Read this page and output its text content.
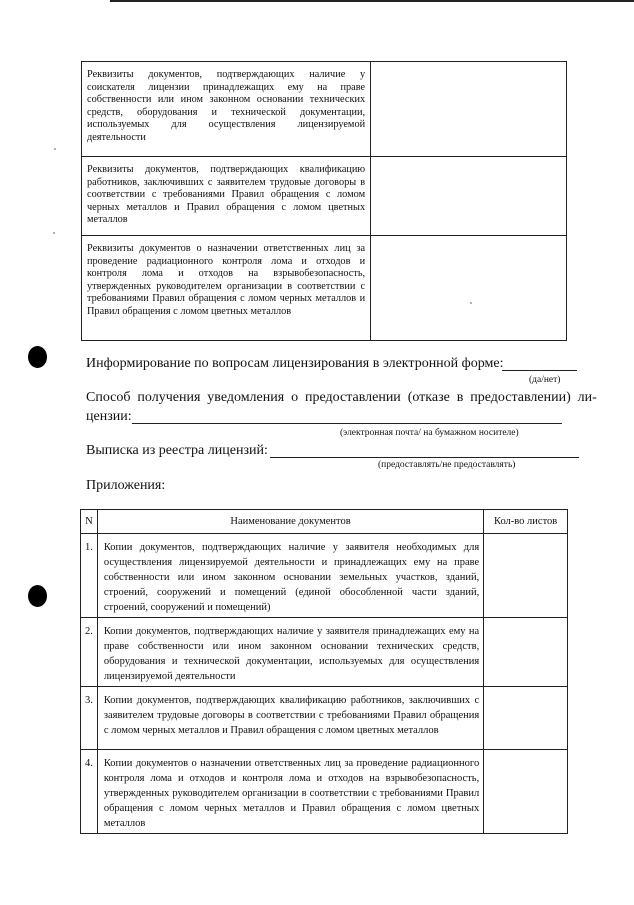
Реквизиты документов, подтверждающих наличие у соискателя лицензии принадлежащих ему на праве собственности или ином законном основании технических средств, оборудования и технической документации, используемых для осуществления лицензируемой деятельности	
Реквизиты документов, подтверждающих квалификацию работников, заключивших с заявителем трудовые договоры в соответствии с требованиями Правил обращения с ломом черных металлов и Правил обращения с ломом цветных металлов	
Реквизиты документов о назначении ответственных лиц за проведение радиационного контроля лома и отходов и контроля лома и отходов на взрывобезопасность, утвержденных руководителем организации в соответствии с требованиями Правил обращения с ломом черных металлов и Правил обращения с ломом цветных металлов	
Информирование по вопросам лицензирования в электронной форме:
(да/нет)
Способ получения уведомления о предоставлении (отказе в предоставлении) ли-
цензии:
(электронная почта/ на бумажном носителе)
Выписка из реестра лицензий:
(предоставлять/не предоставлять)
Приложения:
N	Наименование документов	Кол-во листов
1.	Копии документов, подтверждающих наличие у заявителя необходимых для осуществления лицензируемой деятельности и принадлежащих ему на праве собственности или ином законном основании земельных участков, зданий, строений, сооружений и помещений (единой обособленной части зданий, строений, сооружений и помещений)	
2.	Копии документов, подтверждающих наличие у заявителя принадлежащих ему на праве собственности или ином законном основании технических средств, оборудования и технической документации, используемых для осуществления лицензируемой деятельности	
3.	Копии документов, подтверждающих квалификацию работников, заключивших с заявителем трудовые договоры в соответствии с требованиями Правил обращения с ломом черных металлов и Правил обращения с ломом цветных металлов	
4.	Копии документов о назначении ответственных лиц за проведение радиационного контроля лома и отходов и контроля лома и отходов на взрывобезопасность, утвержденных руководителем организации в соответствии с требованиями Правил обращения с ломом черных металлов и Правил обращения с ломом цветных металлов	
